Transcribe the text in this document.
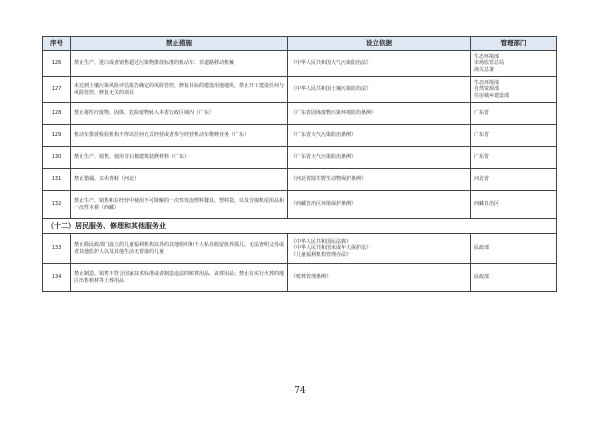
序号	禁止措施	设立依据	管理部门
126	禁止生产、进口或者销售超过污染物排放标准的机动车、非道路移动机械	《中华人民共和国大气污染防治法》	生态环境部
市场监管总局
海关总署

127	未达到土壤污染风险评估报告确定的风险管控、修复目标的建设用地地块，禁止开工建设任何与风险管控、修复无关的项目	《中华人民共和国土壤污染防治法》	生态环境部
自然资源部
住房城乡建设部

128	禁止将医疗废物、固体、危险废物转入本省行政区域内（广东）	《广东省固体废物污染环境防治条例》	广东省

129	机动车排放检验机构不得以任何方式经营或者参与经营机动车维修业务（广东）	《广东省大气污染防治条例》	广东省

130	禁止生产、销售、使用含石棉建筑装修材料（广东）	《广东省大气污染防治条例》	广东省

131	禁止猎捕、买卖青蛙（河北）	《河北省陆生野生动物保护条例》	河北省

132	禁止生产、销售和在经营中使用不可降解的一次性发泡塑料餐具、塑料袋，以及含镍机尾用品和一次性木筷（西藏）	《西藏自治区环境保护条例》	西藏自治区

（十二）居民服务、修理和其他服务业			
133	禁止除民政部门设立的儿童福利机构以外的其他组织和个人私自收留抚养孤儿、无法查明父母或者其他监护人以及其他生活无着落的儿童	《中华人民共和国民法典》
《中华人民共和国未成年人保护法》
《儿童福利机构管理办法》	民政部

134	禁止制造、销售不符合国家技术标准或者制造违法的殡葬用品、丧葬用品；禁止在实行火葬的地区出售棺材等土葬用品	《殡葬管理条例》	民政部
74
